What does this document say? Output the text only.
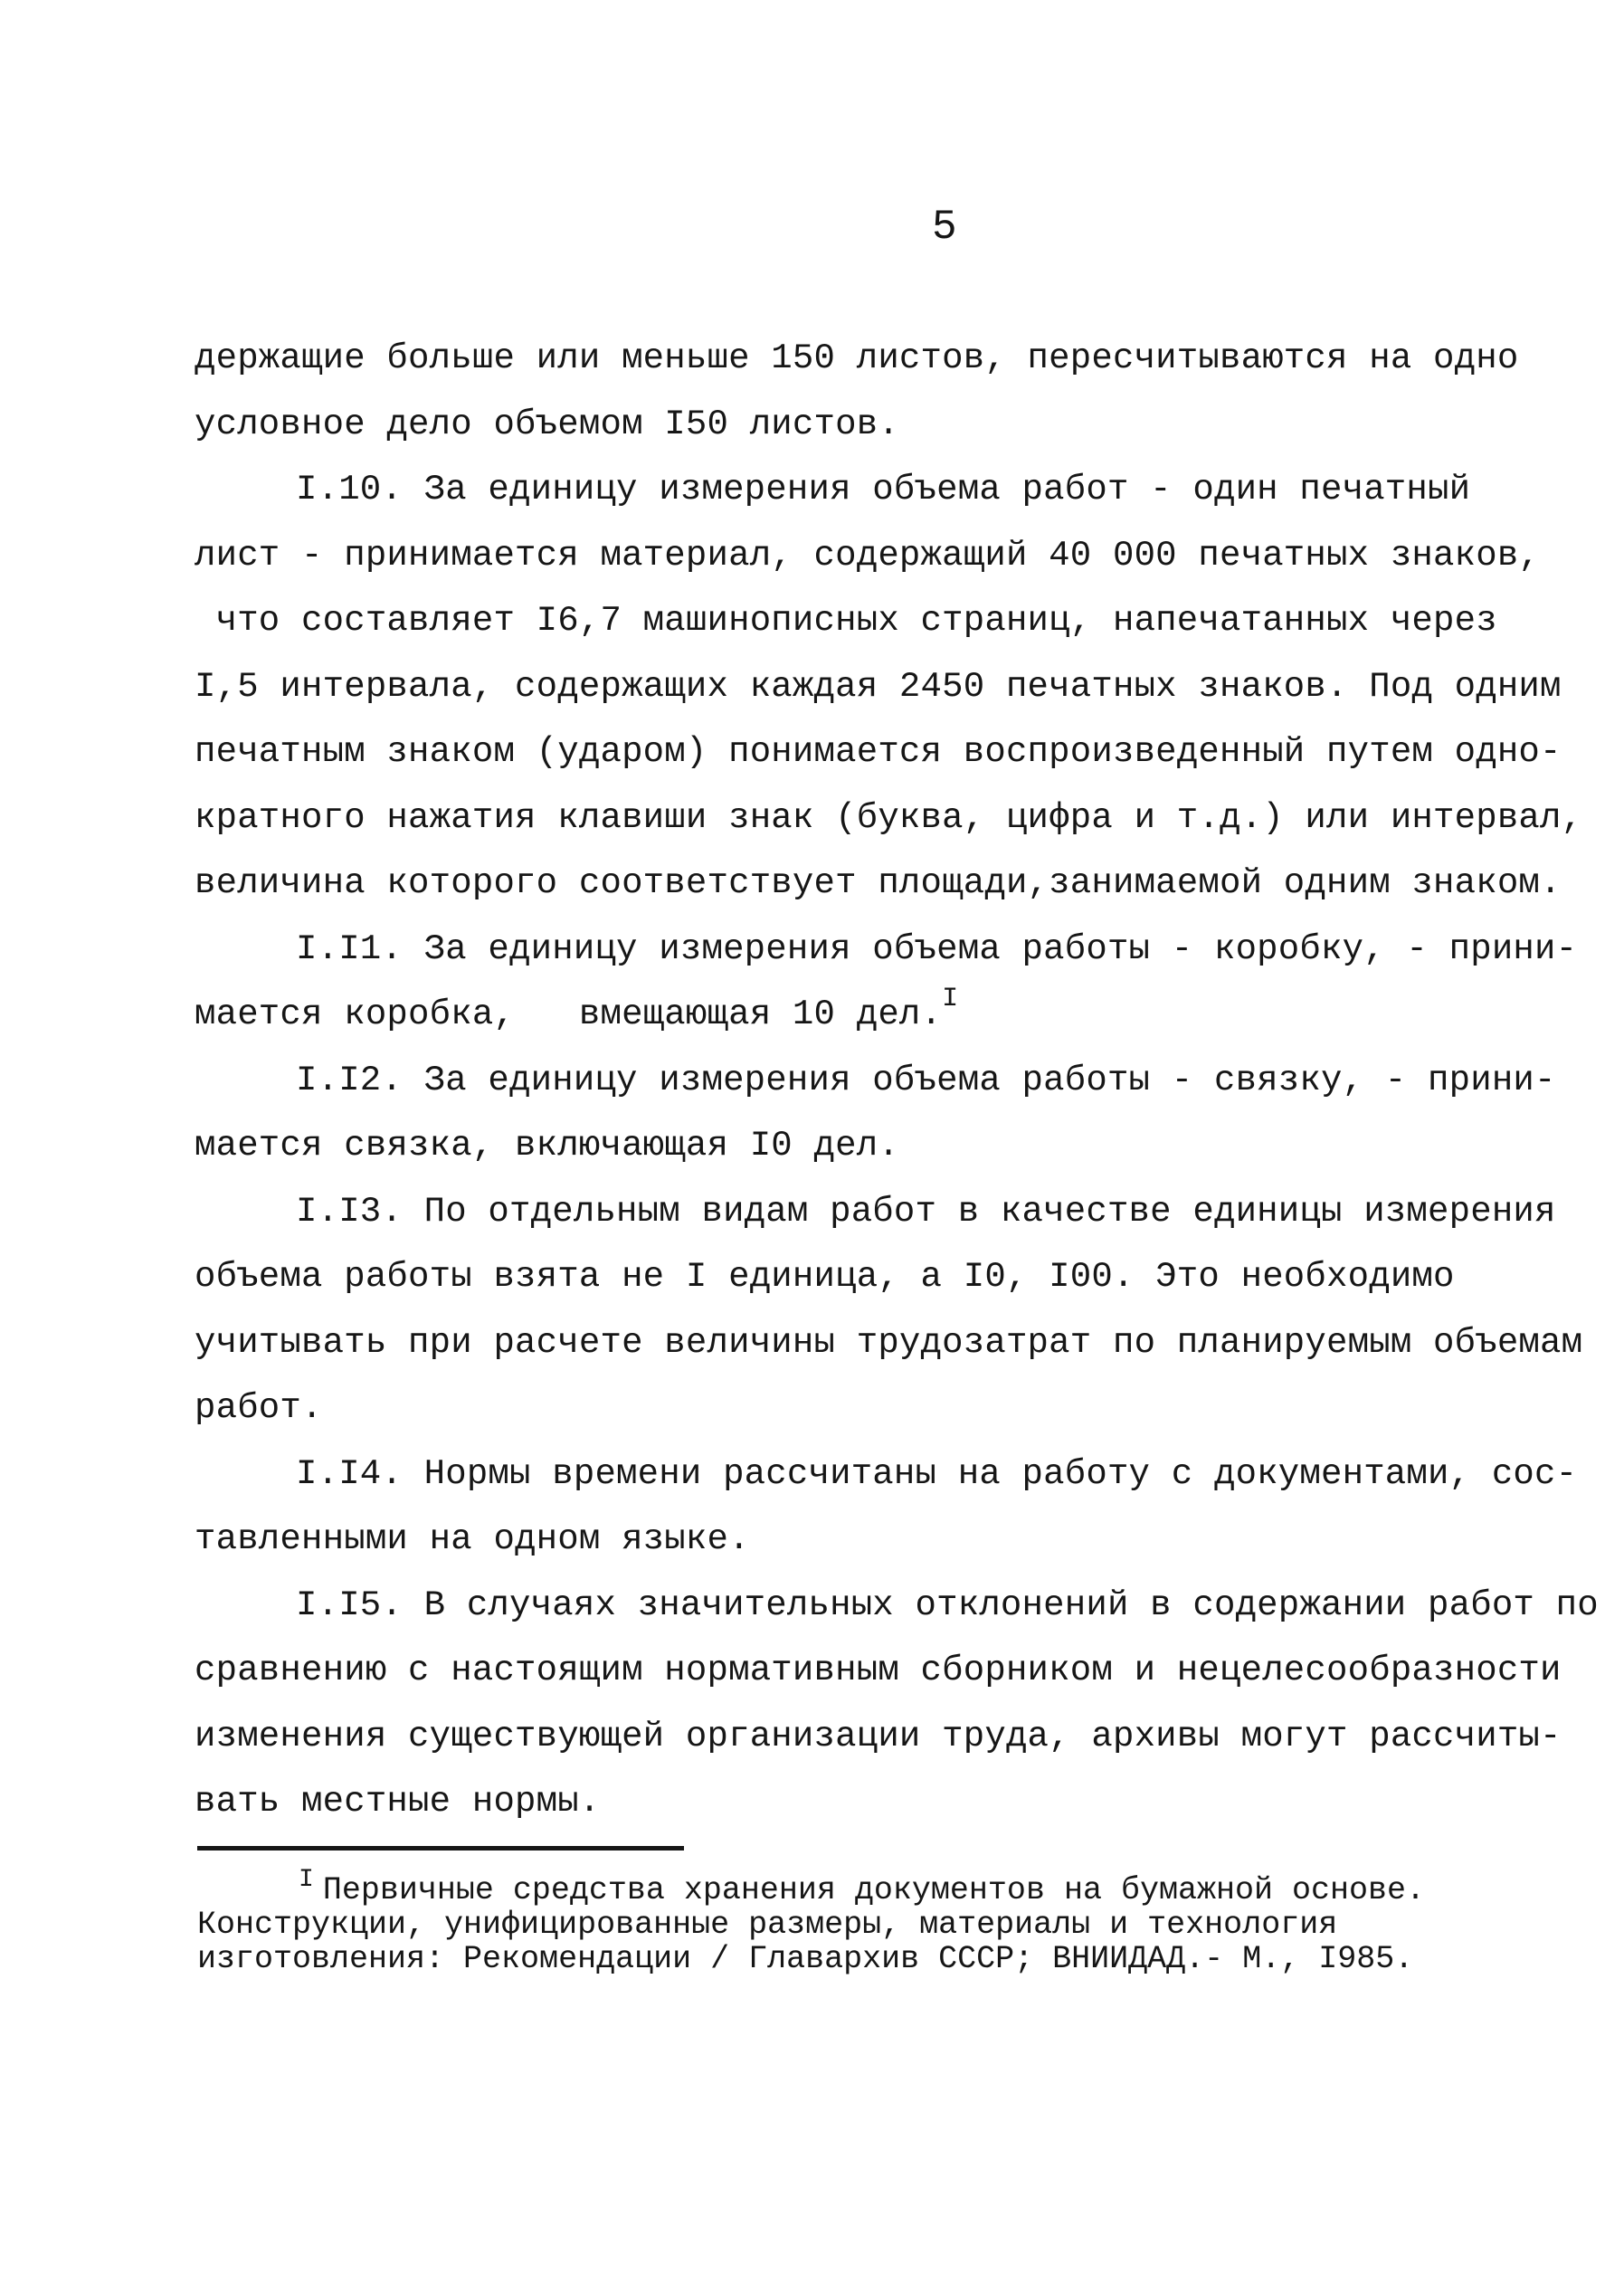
5
держащие больше или меньше 150 листов, пересчитываются на одно
условное дело объемом I50 листов.
I.10. За единицу измерения объема работ - один печатный
лист - принимается материал, содержащий 40 000 печатных знаков,
что составляет I6,7 машинописных страниц, напечатанных через
I,5 интервала, содержащих каждая 2450 печатных знаков. Под одним
печатным знаком (ударом) понимается воспроизведенный путем одно-
кратного нажатия клавиши знак (буква, цифра и т.д.) или интервал,
величина которого соответствует площади,занимаемой одним знаком.
I.I1. За единицу измерения объема работы - коробку, - прини-
мается коробка,   вмещающая 10 дел.$^I$
I.I2. За единицу измерения объема работы - связку, - прини-
мается связка, включающая I0 дел.
I.I3. По отдельным видам работ в качестве единицы измерения
объема работы взята не I единица, а I0, I00. Это необходимо
учитывать при расчете величины трудозатрат по планируемым объемам
работ.
I.I4. Нормы времени рассчитаны на работу с документами, сос-
тавленными на одном языке.
I.I5. В случаях значительных отклонений в содержании работ по
сравнению с настоящим нормативным сборником и нецелесообразности
изменения существующей организации труда, архивы могут рассчиты-
вать местные нормы.
$^I$ Первичные средства хранения документов на бумажной основе.
Конструкции, унифицированные размеры, материалы и технология
изготовления: Рекомендации / Главархив СССР; ВНИИДАД.- М., I985.
